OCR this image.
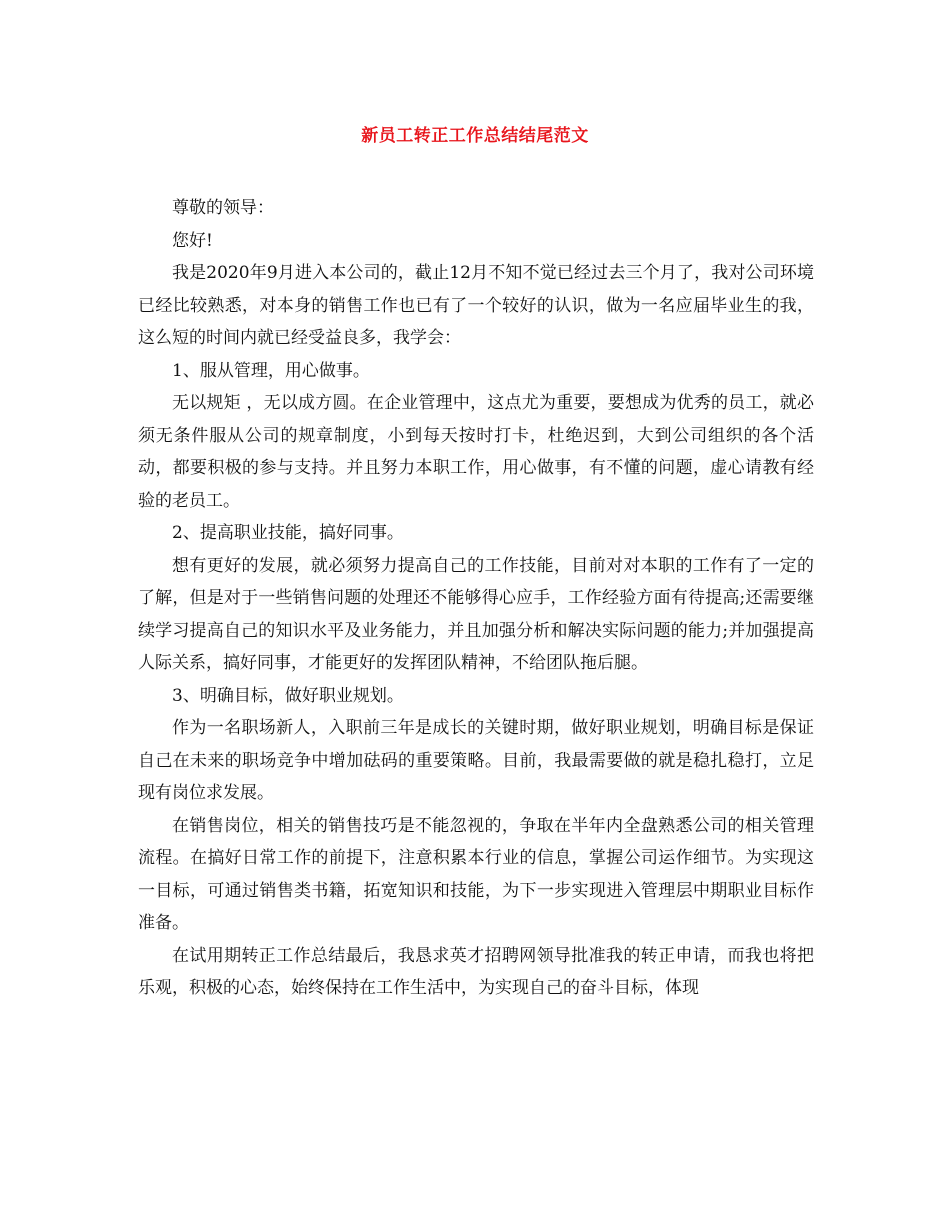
新员工转正工作总结结尾范文

尊敬的领导：

您好!

我是2020年9月进入本公司的，截止12月不知不觉已经过去三个月了，我对公司环境已经比较熟悉，对本身的销售工作也已有了一个较好的认识，做为一名应届毕业生的我，这么短的时间内就已经受益良多，我学会：

1、服从管理，用心做事。

无以规矩 ，无以成方圆。在企业管理中，这点尤为重要，要想成为优秀的员工，就必须无条件服从公司的规章制度，小到每天按时打卡，杜绝迟到，大到公司组织的各个活动，都要积极的参与支持。并且努力本职工作，用心做事，有不懂的问题，虚心请教有经验的老员工。

2、提高职业技能，搞好同事。

想有更好的发展，就必须努力提高自己的工作技能，目前对对本职的工作有了一定的了解，但是对于一些销售问题的处理还不能够得心应手，工作经验方面有待提高;还需要继续学习提高自己的知识水平及业务能力，并且加强分析和解决实际问题的能力;并加强提高人际关系，搞好同事，才能更好的发挥团队精神，不给团队拖后腿。

3、明确目标，做好职业规划。

作为一名职场新人，入职前三年是成长的关键时期，做好职业规划，明确目标是保证自己在未来的职场竞争中增加砝码的重要策略。目前，我最需要做的就是稳扎稳打，立足现有岗位求发展。

在销售岗位，相关的销售技巧是不能忽视的，争取在半年内全盘熟悉公司的相关管理流程。在搞好日常工作的前提下，注意积累本行业的信息，掌握公司运作细节。为实现这一目标，可通过销售类书籍，拓宽知识和技能，为下一步实现进入管理层中期职业目标作准备。

在试用期转正工作总结最后，我恳求英才招聘网领导批准我的转正申请，而我也将把乐观，积极的心态，始终保持在工作生活中，为实现自己的奋斗目标，体现
